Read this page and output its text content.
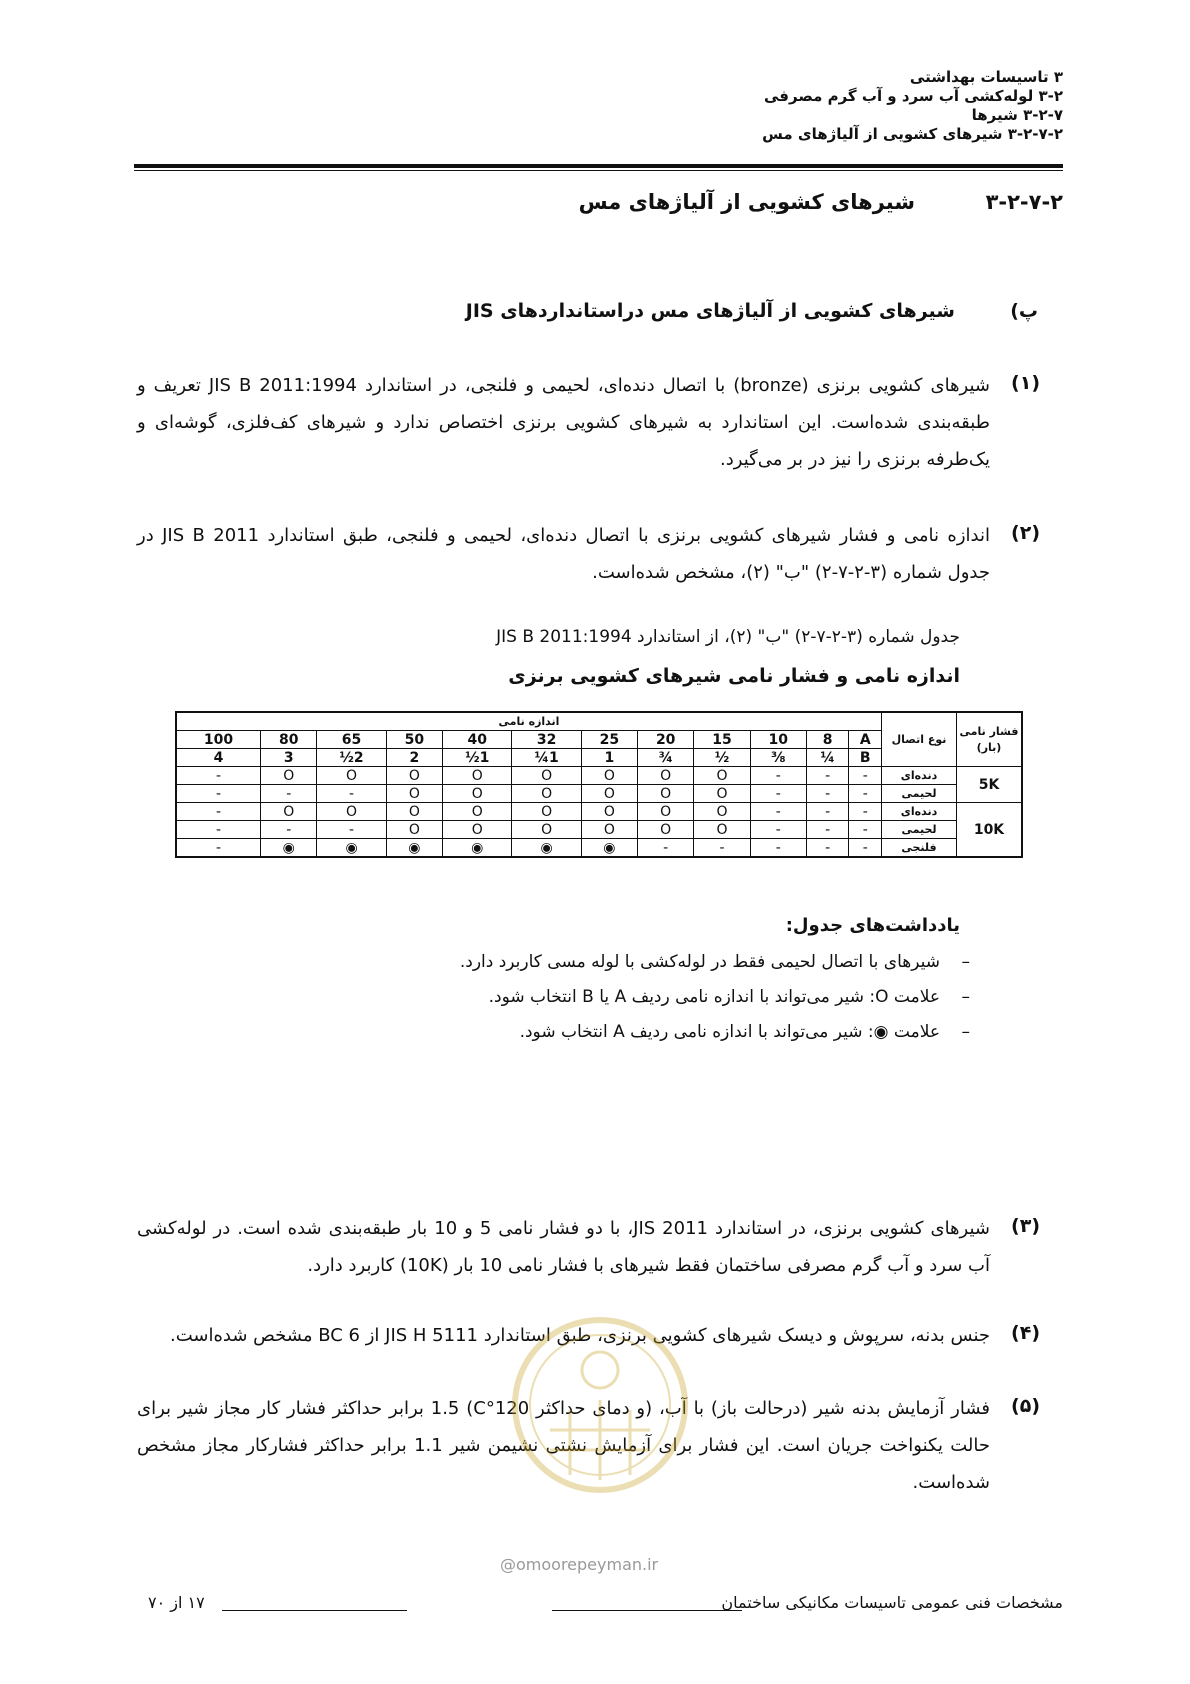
۳ تاسیسات بهداشتی
۳-۲ لوله‌کشی آب سرد و آب گرم مصرفی
۳-۲-۷ شیرها
۳-۲-۷-۲ شیرهای کشویی از آلیاژهای مس
۳-۲-۷-۲
شیرهای کشویی از آلیاژهای مس
پ)
شیرهای کشویی از آلیاژهای مس دراستانداردهای JIS
(۱)
شیرهای کشویی برنزی (bronze) با اتصال دنده‌ای، لحیمی و فلنجی، در استاندارد JIS B 2011:1994 تعریف و طبقه‌بندی شده‌است. این استاندارد به شیرهای کشویی برنزی اختصاص ندارد و شیرهای کف‌فلزی، گوشه‌ای و یک‌طرفه برنزی را نیز در بر می‌گیرد.
(۲)
اندازه نامی و فشار شیرهای کشویی برنزی با اتصال دنده‌ای، لحیمی و فلنجی، طبق استاندارد JIS B 2011 در جدول شماره (۳-۲-۷-۲) "ب" (۲)، مشخص شده‌است.
جدول شماره (۳-۲-۷-۲) "ب" (۲)، از استاندارد JIS B 2011:1994
اندازه نامی و فشار نامی شیرهای کشویی برنزی
فشار نامی (بار)	نوع اتصال	اندازه نامی											
		A	8	10	15	20	25	32	40	50	65	80	100
		B	¼	⅜	½	¾	1	1¼	1½	2	2½	3	4
5K	دنده‌ای	-	-	-	O	O	O	O	O	O	O	O	-
	لحیمی	-	-	-	O	O	O	O	O	O	-	-	-
10K	دنده‌ای	-	-	-	O	O	O	O	O	O	O	O	-
	لحیمی	-	-	-	O	O	O	O	O	O	-	-	-
	فلنجی	-	-	-	-	-	◉	◉	◉	◉	◉	◉	-
یادداشت‌های جدول:
–شیرهای با اتصال لحیمی فقط در لوله‌کشی با لوله مسی کاربرد دارد.
–علامت O: شیر می‌تواند با اندازه نامی ردیف A یا B انتخاب شود.
–علامت ◉: شیر می‌تواند با اندازه نامی ردیف A انتخاب شود.
(۳)
شیرهای کشویی برنزی، در استاندارد JIS 2011، با دو فشار نامی 5 و 10 بار طبقه‌بندی شده است. در لوله‌کشی آب سرد و آب گرم مصرفی ساختمان فقط شیرهای با فشار نامی 10 بار (10K) کاربرد دارد.
(۴)
جنس بدنه، سرپوش و دیسک شیرهای کشویی برنزی، طبق استاندارد JIS H 5111 از BC 6 مشخص شده‌است.
(۵)
فشار آزمایش بدنه شیر (درحالت باز) با آب، (و دمای حداکثر 120°C) 1.5 برابر حداکثر فشار کار مجاز شیر برای حالت یکنواخت جریان است. این فشار برای آزمایش نشتی نشیمن شیر 1.1 برابر حداکثر فشارکار مجاز مشخص شده‌است.
@omoorepeyman.ir
۱۷ از ۷۰	مشخصات فنی عمومی تاسیسات مکانیکی ساختمان
